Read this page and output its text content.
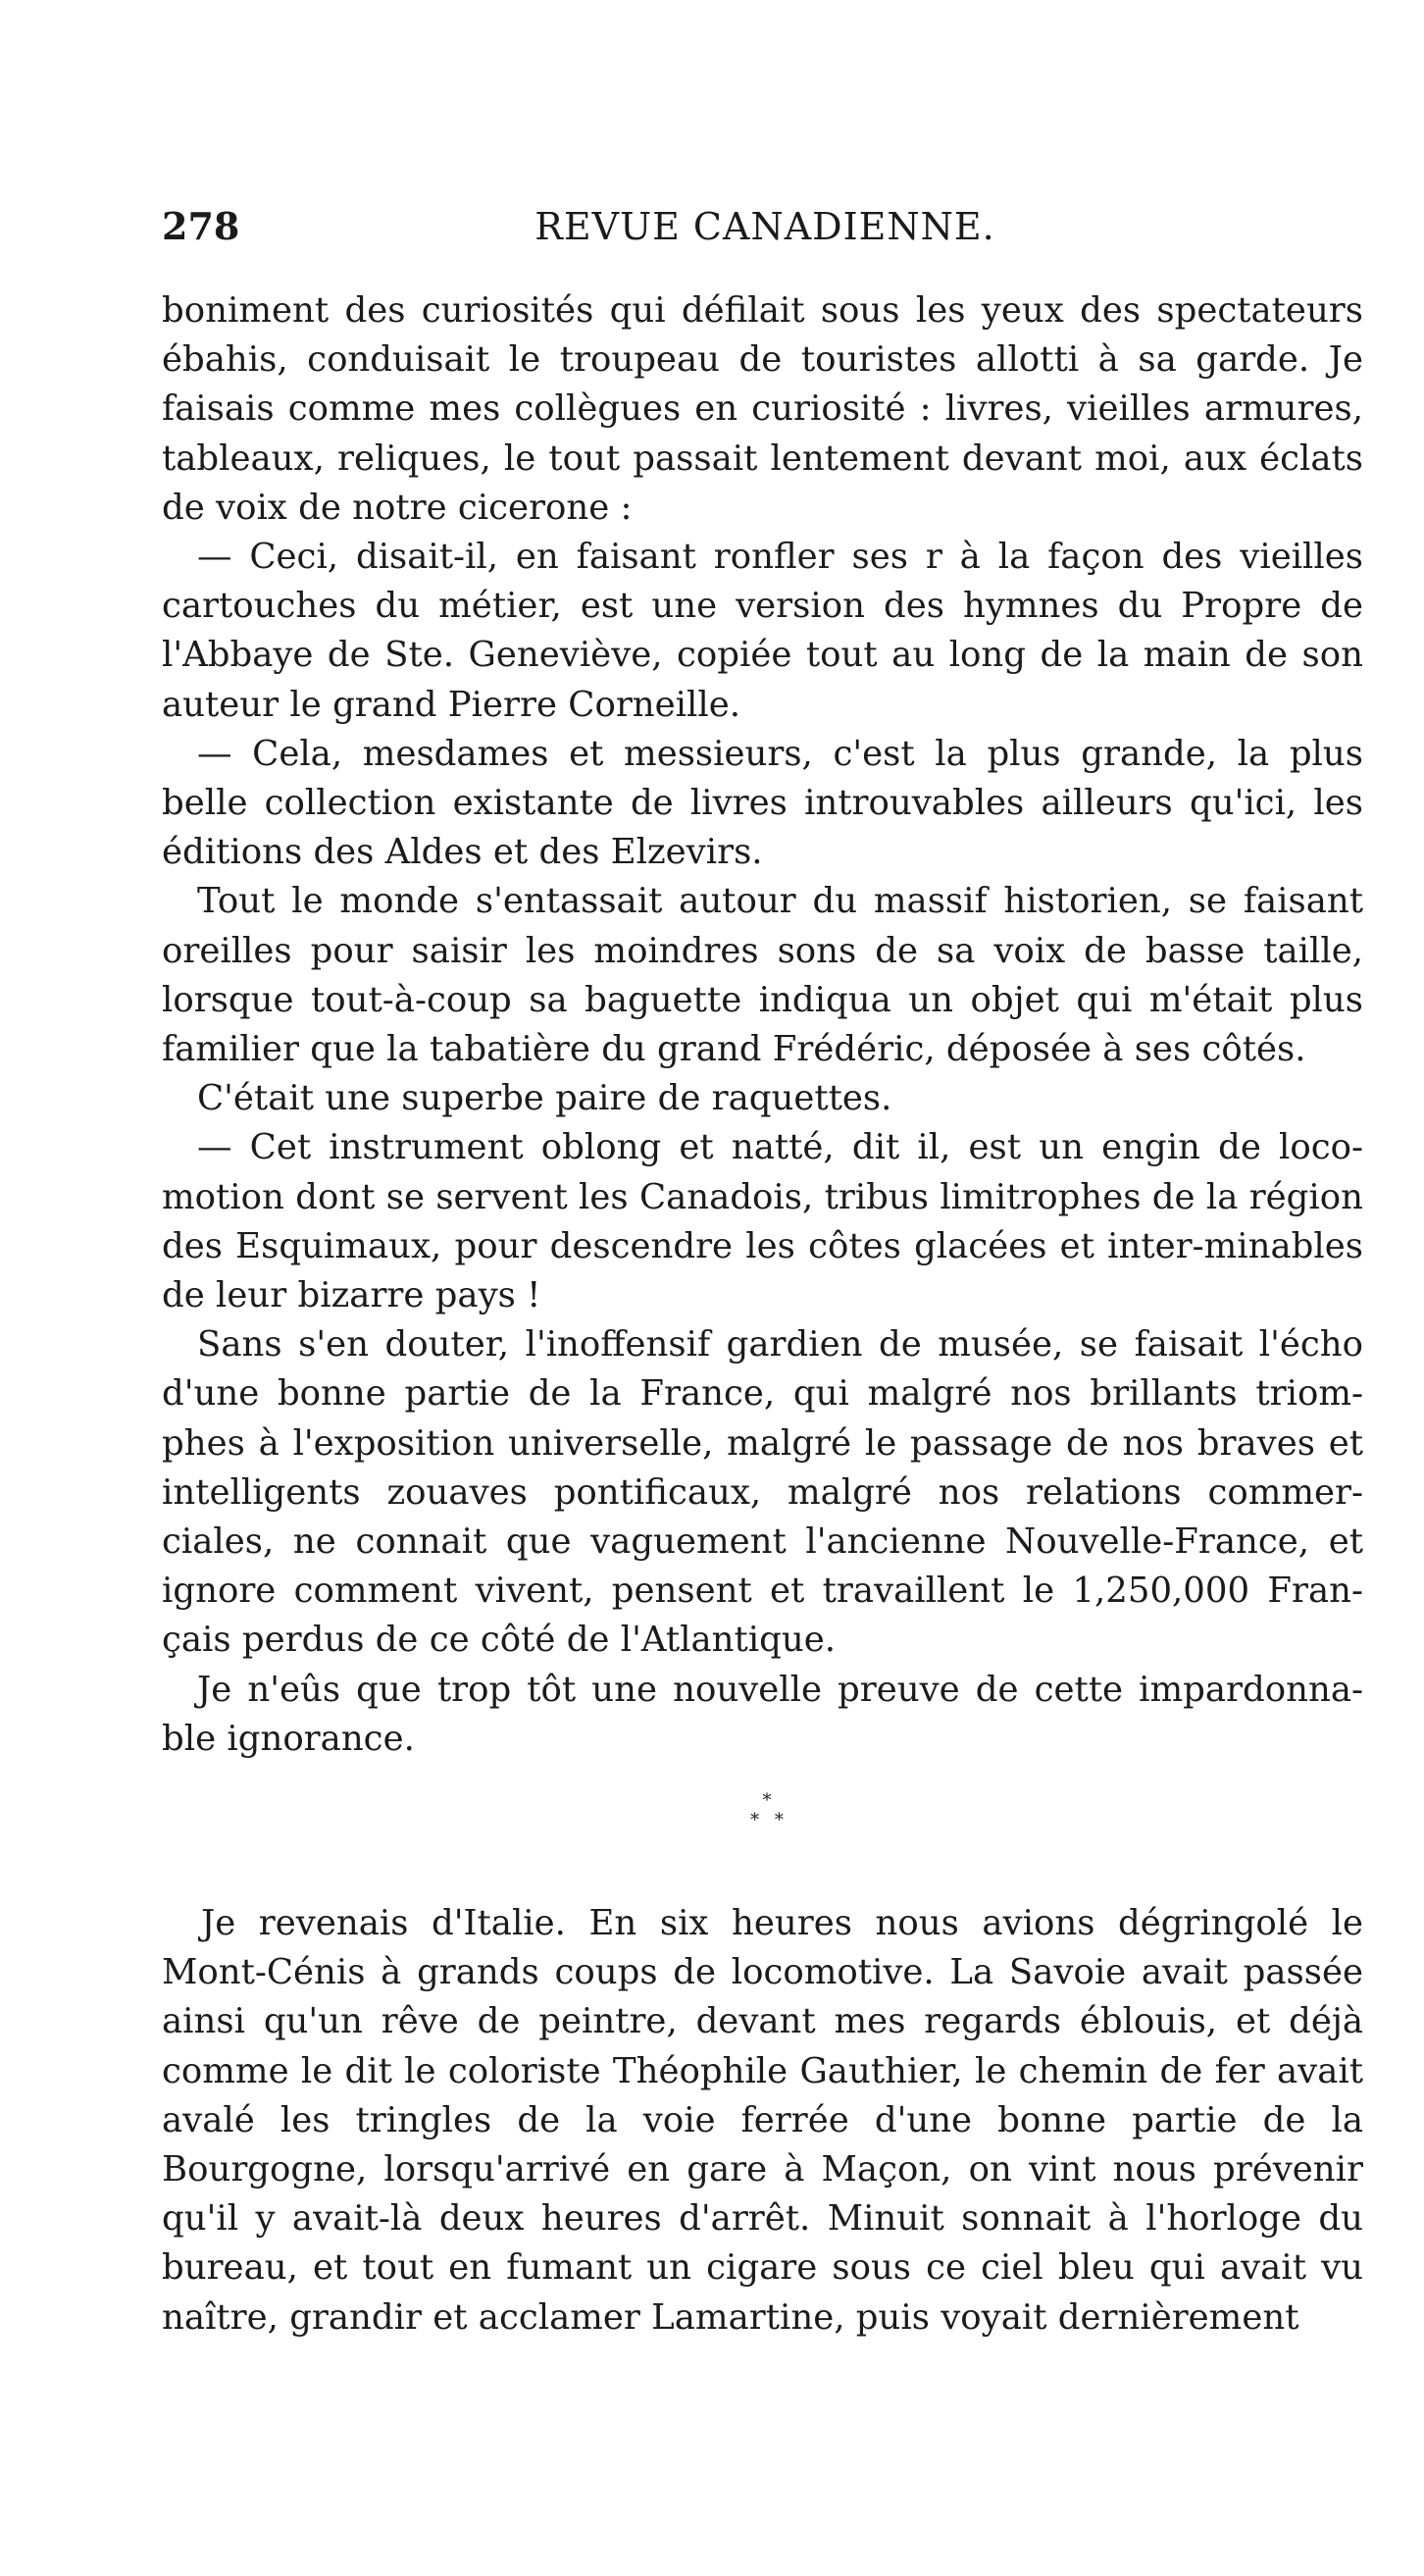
278	REVUE CANADIENNE.

boniment des curiosités qui défilait sous les yeux des spectateurs ébahis, conduisait le troupeau de touristes allotti à sa garde. Je faisais comme mes collègues en curiosité : livres, vieilles armures, tableaux, reliques, le tout passait lentement devant moi, aux éclats de voix de notre cicerone :

— Ceci, disait-il, en faisant ronfler ses r à la façon des vieilles cartouches du métier, est une version des hymnes du Propre de l'Abbaye de Ste. Geneviève, copiée tout au long de la main de son auteur le grand Pierre Corneille.

— Cela, mesdames et messieurs, c'est la plus grande, la plus belle collection existante de livres introuvables ailleurs qu'ici, les éditions des Aldes et des Elzevirs.

Tout le monde s'entassait autour du massif historien, se faisant oreilles pour saisir les moindres sons de sa voix de basse taille, lorsque tout-à-coup sa baguette indiqua un objet qui m'était plus familier que la tabatière du grand Frédéric, déposée à ses côtés.

C'était une superbe paire de raquettes.

— Cet instrument oblong et natté, dit il, est un engin de loco-motion dont se servent les Canadois, tribus limitrophes de la région des Esquimaux, pour descendre les côtes glacées et inter-minables de leur bizarre pays !

Sans s'en douter, l'inoffensif gardien de musée, se faisait l'écho d'une bonne partie de la France, qui malgré nos brillants triom-phes à l'exposition universelle, malgré le passage de nos braves et intelligents zouaves pontificaux, malgré nos relations commer-ciales, ne connait que vaguement l'ancienne Nouvelle-France, et ignore comment vivent, pensent et travaillent le 1,250,000 Fran-çais perdus de ce côté de l'Atlantique.

Je n'eûs que trop tôt une nouvelle preuve de cette impardonna-ble ignorance.

*
* *

Je revenais d'Italie. En six heures nous avions dégringolé le Mont-Cénis à grands coups de locomotive. La Savoie avait passée ainsi qu'un rêve de peintre, devant mes regards éblouis, et déjà comme le dit le coloriste Théophile Gauthier, le chemin de fer avait avalé les tringles de la voie ferrée d'une bonne partie de la Bourgogne, lorsqu'arrivé en gare à Maçon, on vint nous prévenir qu'il y avait-là deux heures d'arrêt. Minuit sonnait à l'horloge du bureau, et tout en fumant un cigare sous ce ciel bleu qui avait vu naître, grandir et acclamer Lamartine, puis voyait dernièrement
